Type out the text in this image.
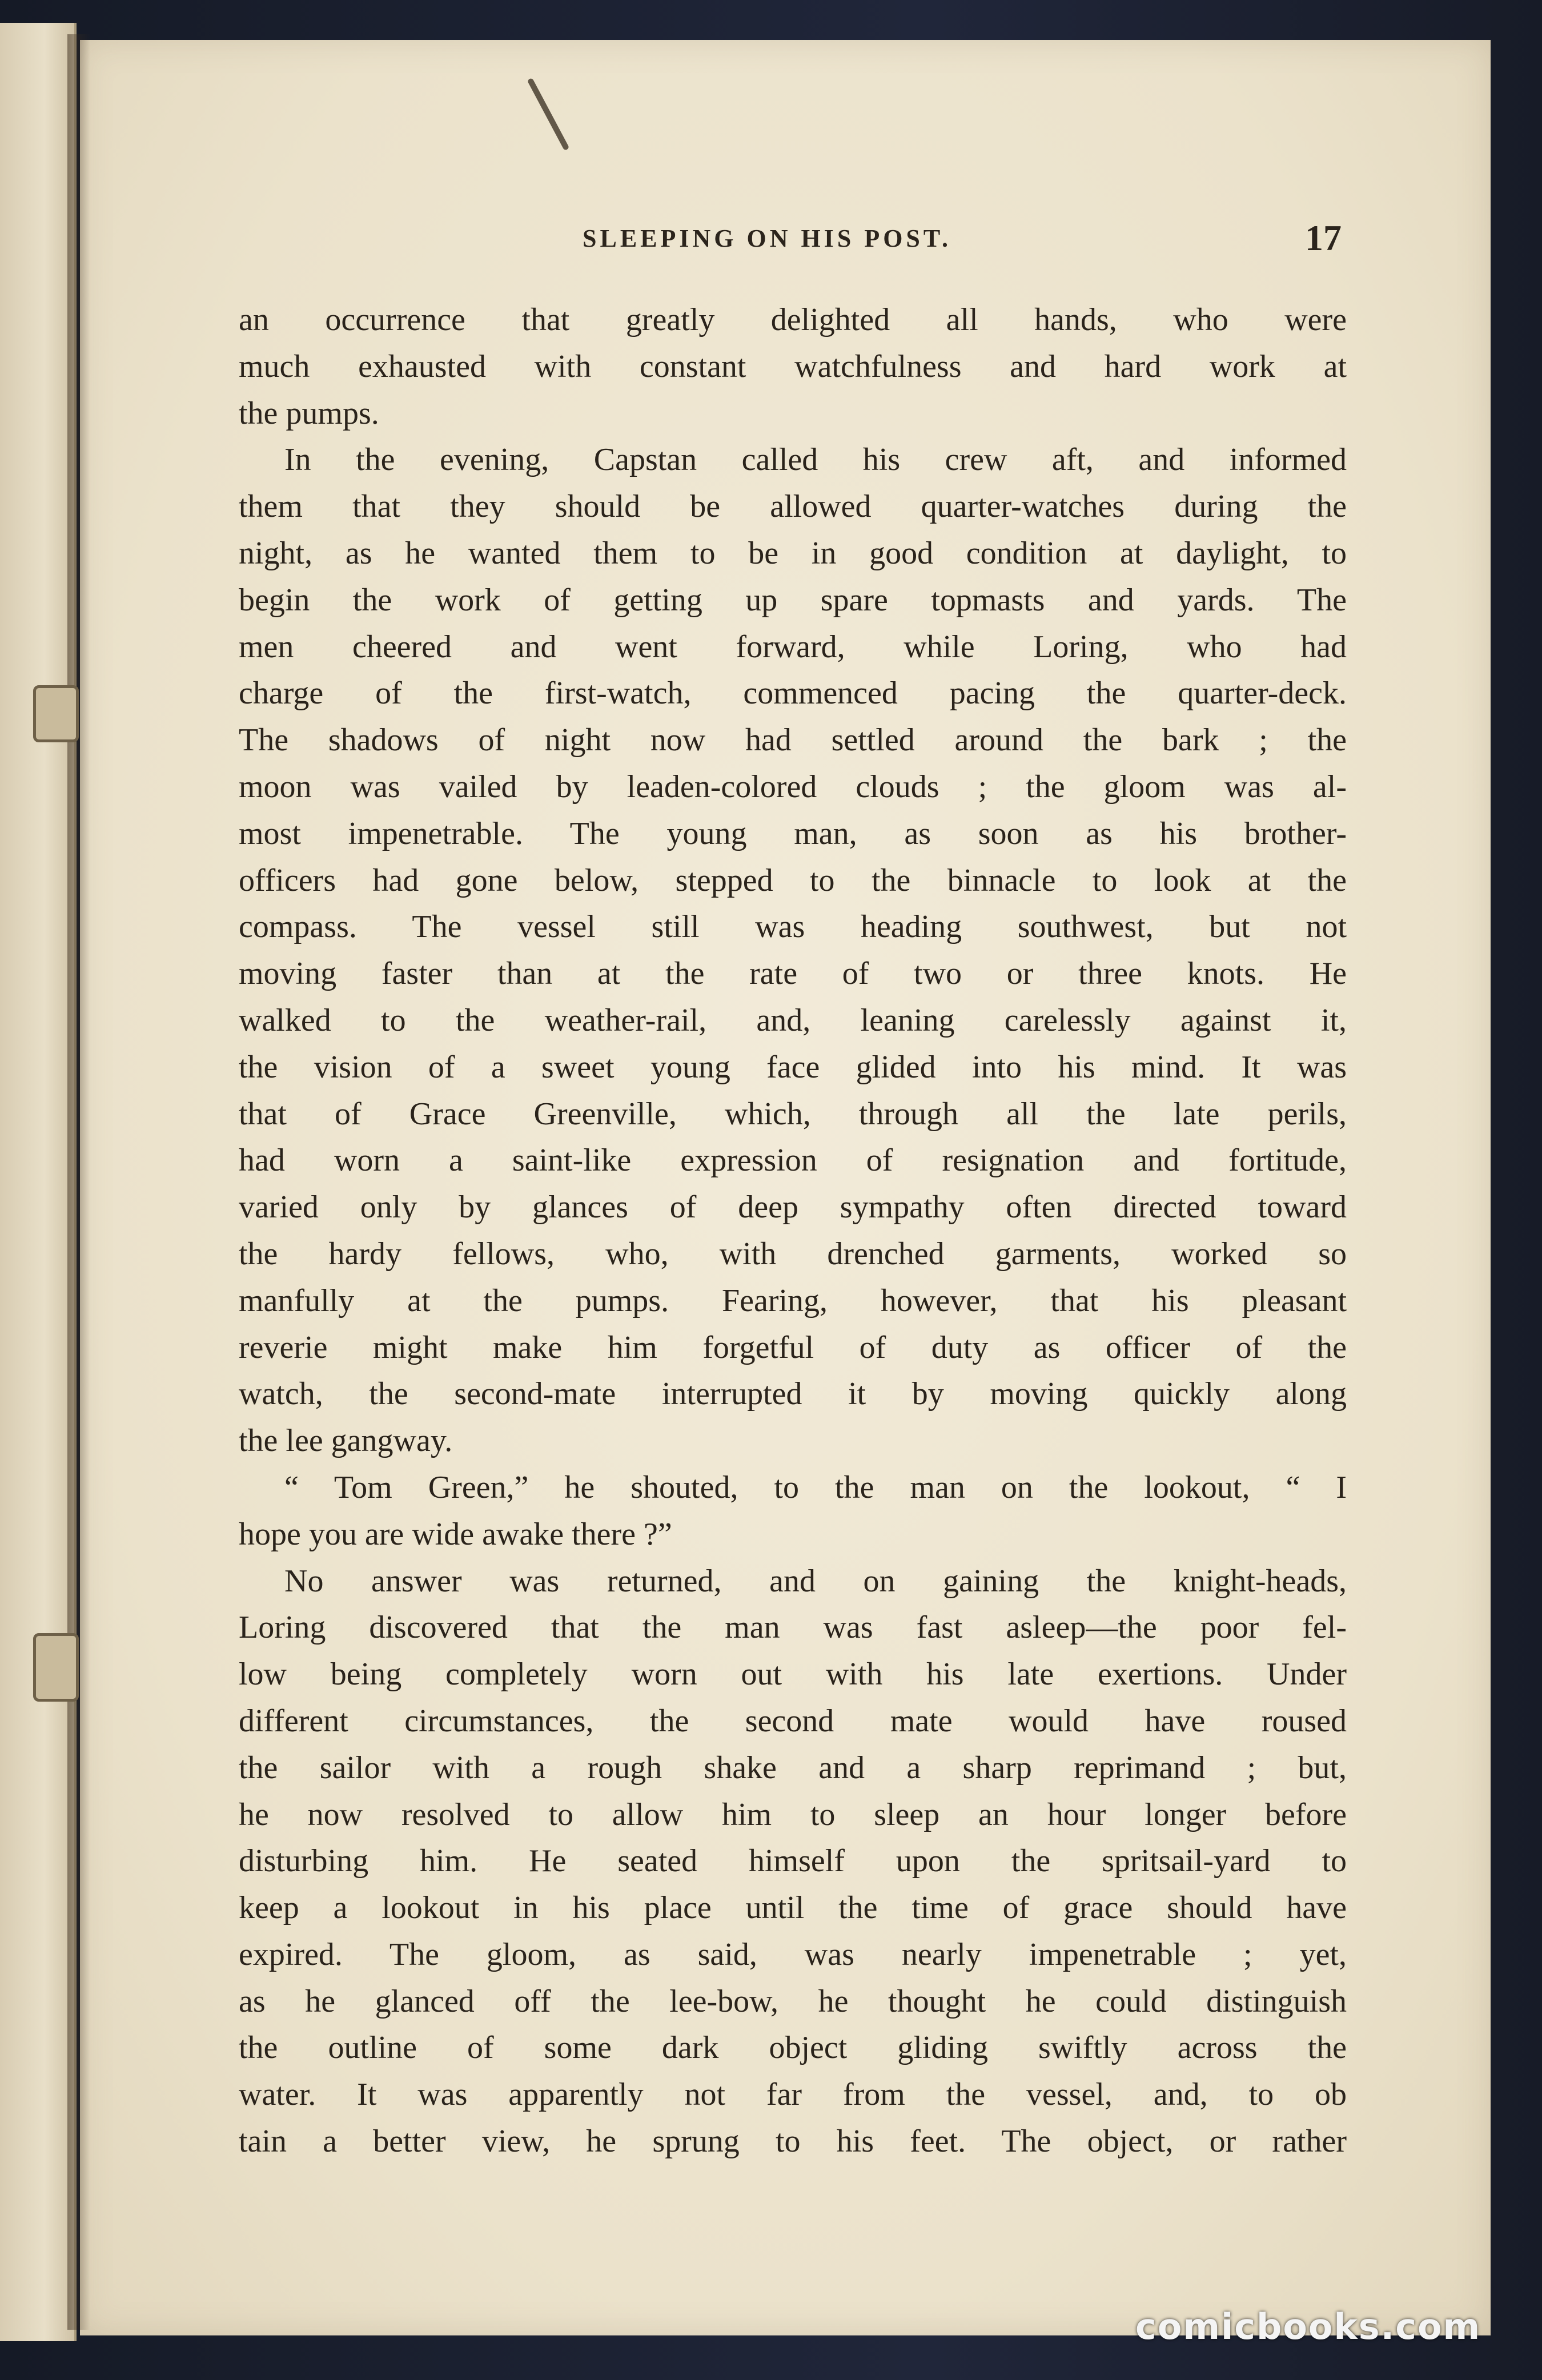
SLEEPING ON HIS POST.	17
an occurrence that greatly delighted all hands, who were
much exhausted with constant watchfulness and hard work at
the pumps.
In the evening, Capstan called his crew aft, and informed
them that they should be allowed quarter-watches during the
night, as he wanted them to be in good condition at daylight, to
begin the work of getting up spare topmasts and yards. The
men cheered and went forward, while Loring, who had
charge of the first-watch, commenced pacing the quarter-deck.
The shadows of night now had settled around the bark ; the
moon was vailed by leaden-colored clouds ; the gloom was al-
most impenetrable. The young man, as soon as his brother-
officers had gone below, stepped to the binnacle to look at the
compass. The vessel still was heading southwest, but not
moving faster than at the rate of two or three knots. He
walked to the weather-rail, and, leaning carelessly against it,
the vision of a sweet young face glided into his mind. It was
that of Grace Greenville, which, through all the late perils,
had worn a saint-like expression of resignation and fortitude,
varied only by glances of deep sympathy often directed toward
the hardy fellows, who, with drenched garments, worked so
manfully at the pumps. Fearing, however, that his pleasant
reverie might make him forgetful of duty as officer of the
watch, the second-mate interrupted it by moving quickly along
the lee gangway.
“ Tom Green,” he shouted, to the man on the lookout, “ I
hope you are wide awake there ?”
No answer was returned, and on gaining the knight-heads,
Loring discovered that the man was fast asleep—the poor fel-
low being completely worn out with his late exertions. Under
different circumstances, the second mate would have roused
the sailor with a rough shake and a sharp reprimand ; but,
he now resolved to allow him to sleep an hour longer before
disturbing him. He seated himself upon the spritsail-yard to
keep a lookout in his place until the time of grace should have
expired. The gloom, as said, was nearly impenetrable ; yet,
as he glanced off the lee-bow, he thought he could distinguish
the outline of some dark object gliding swiftly across the
water. It was apparently not far from the vessel, and, to ob
tain a better view, he sprung to his feet. The object, or rather
comicbooks.com
